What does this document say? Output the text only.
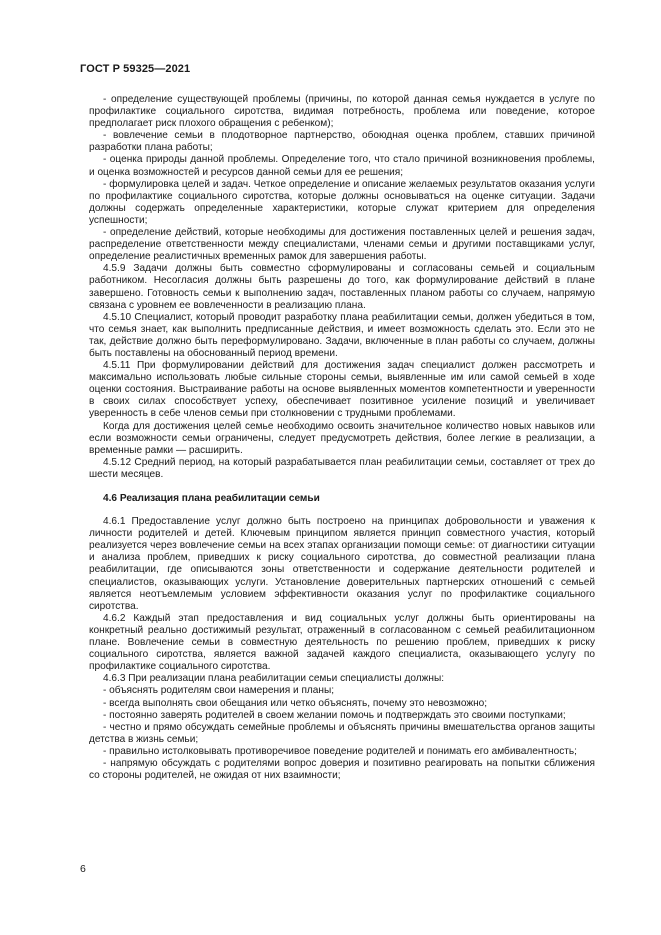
ГОСТ Р 59325—2021

- определение существующей проблемы (причины, по которой данная семья нуждается в услуге по профилактике социального сиротства, видимая потребность, проблема или поведение, которое предполагает риск плохого обращения с ребенком);

- вовлечение семьи в плодотворное партнерство, обоюдная оценка проблем, ставших причиной разработки плана работы;

- оценка природы данной проблемы. Определение того, что стало причиной возникновения проблемы, и оценка возможностей и ресурсов данной семьи для ее решения;

- формулировка целей и задач. Четкое определение и описание желаемых результатов оказания услуги по профилактике социального сиротства, которые должны основываться на оценке ситуации. Задачи должны содержать определенные характеристики, которые служат критерием для определения успешности;

- определение действий, которые необходимы для достижения поставленных целей и решения задач, распределение ответственности между специалистами, членами семьи и другими поставщиками услуг, определение реалистичных временных рамок для завершения работы.

4.5.9 Задачи должны быть совместно сформулированы и согласованы семьей и социальным работником. Несогласия должны быть разрешены до того, как формулирование действий в плане завершено. Готовность семьи к выполнению задач, поставленных планом работы со случаем, напрямую связана с уровнем ее вовлеченности в реализацию плана.

4.5.10 Специалист, который проводит разработку плана реабилитации семьи, должен убедиться в том, что семья знает, как выполнить предписанные действия, и имеет возможность сделать это. Если это не так, действие должно быть переформулировано. Задачи, включенные в план работы со случаем, должны быть поставлены на обоснованный период времени.

4.5.11 При формулировании действий для достижения задач специалист должен рассмотреть и максимально использовать любые сильные стороны семьи, выявленные им или самой семьей в ходе оценки состояния. Выстраивание работы на основе выявленных моментов компетентности и уверенности в своих силах способствует успеху, обеспечивает позитивное усиление позиций и увеличивает уверенность в себе членов семьи при столкновении с трудными проблемами.

Когда для достижения целей семье необходимо освоить значительное количество новых навыков или если возможности семьи ограничены, следует предусмотреть действия, более легкие в реализации, а временные рамки — расширить.

4.5.12 Средний период, на который разрабатывается план реабилитации семьи, составляет от трех до шести месяцев.

4.6 Реализация плана реабилитации семьи

4.6.1 Предоставление услуг должно быть построено на принципах добровольности и уважения к личности родителей и детей. Ключевым принципом является принцип совместного участия, который реализуется через вовлечение семьи на всех этапах организации помощи семье: от диагностики ситуации и анализа проблем, приведших к риску социального сиротства, до совместной реализации плана реабилитации, где описываются зоны ответственности и содержание деятельности родителей и специалистов, оказывающих услуги. Установление доверительных партнерских отношений с семьей является неотъемлемым условием эффективности оказания услуг по профилактике социального сиротства.

4.6.2 Каждый этап предоставления и вид социальных услуг должны быть ориентированы на конкретный реально достижимый результат, отраженный в согласованном с семьей реабилитационном плане. Вовлечение семьи в совместную деятельность по решению проблем, приведших к риску социального сиротства, является важной задачей каждого специалиста, оказывающего услугу по профилактике социального сиротства.

4.6.3 При реализации плана реабилитации семьи специалисты должны:

- объяснять родителям свои намерения и планы;

- всегда выполнять свои обещания или четко объяснять, почему это невозможно;

- постоянно заверять родителей в своем желании помочь и подтверждать это своими поступками;

- честно и прямо обсуждать семейные проблемы и объяснять причины вмешательства органов защиты детства в жизнь семьи;

- правильно истолковывать противоречивое поведение родителей и понимать его амбивалентность;

- напрямую обсуждать с родителями вопрос доверия и позитивно реагировать на попытки сближения со стороны родителей, не ожидая от них взаимности;

6
